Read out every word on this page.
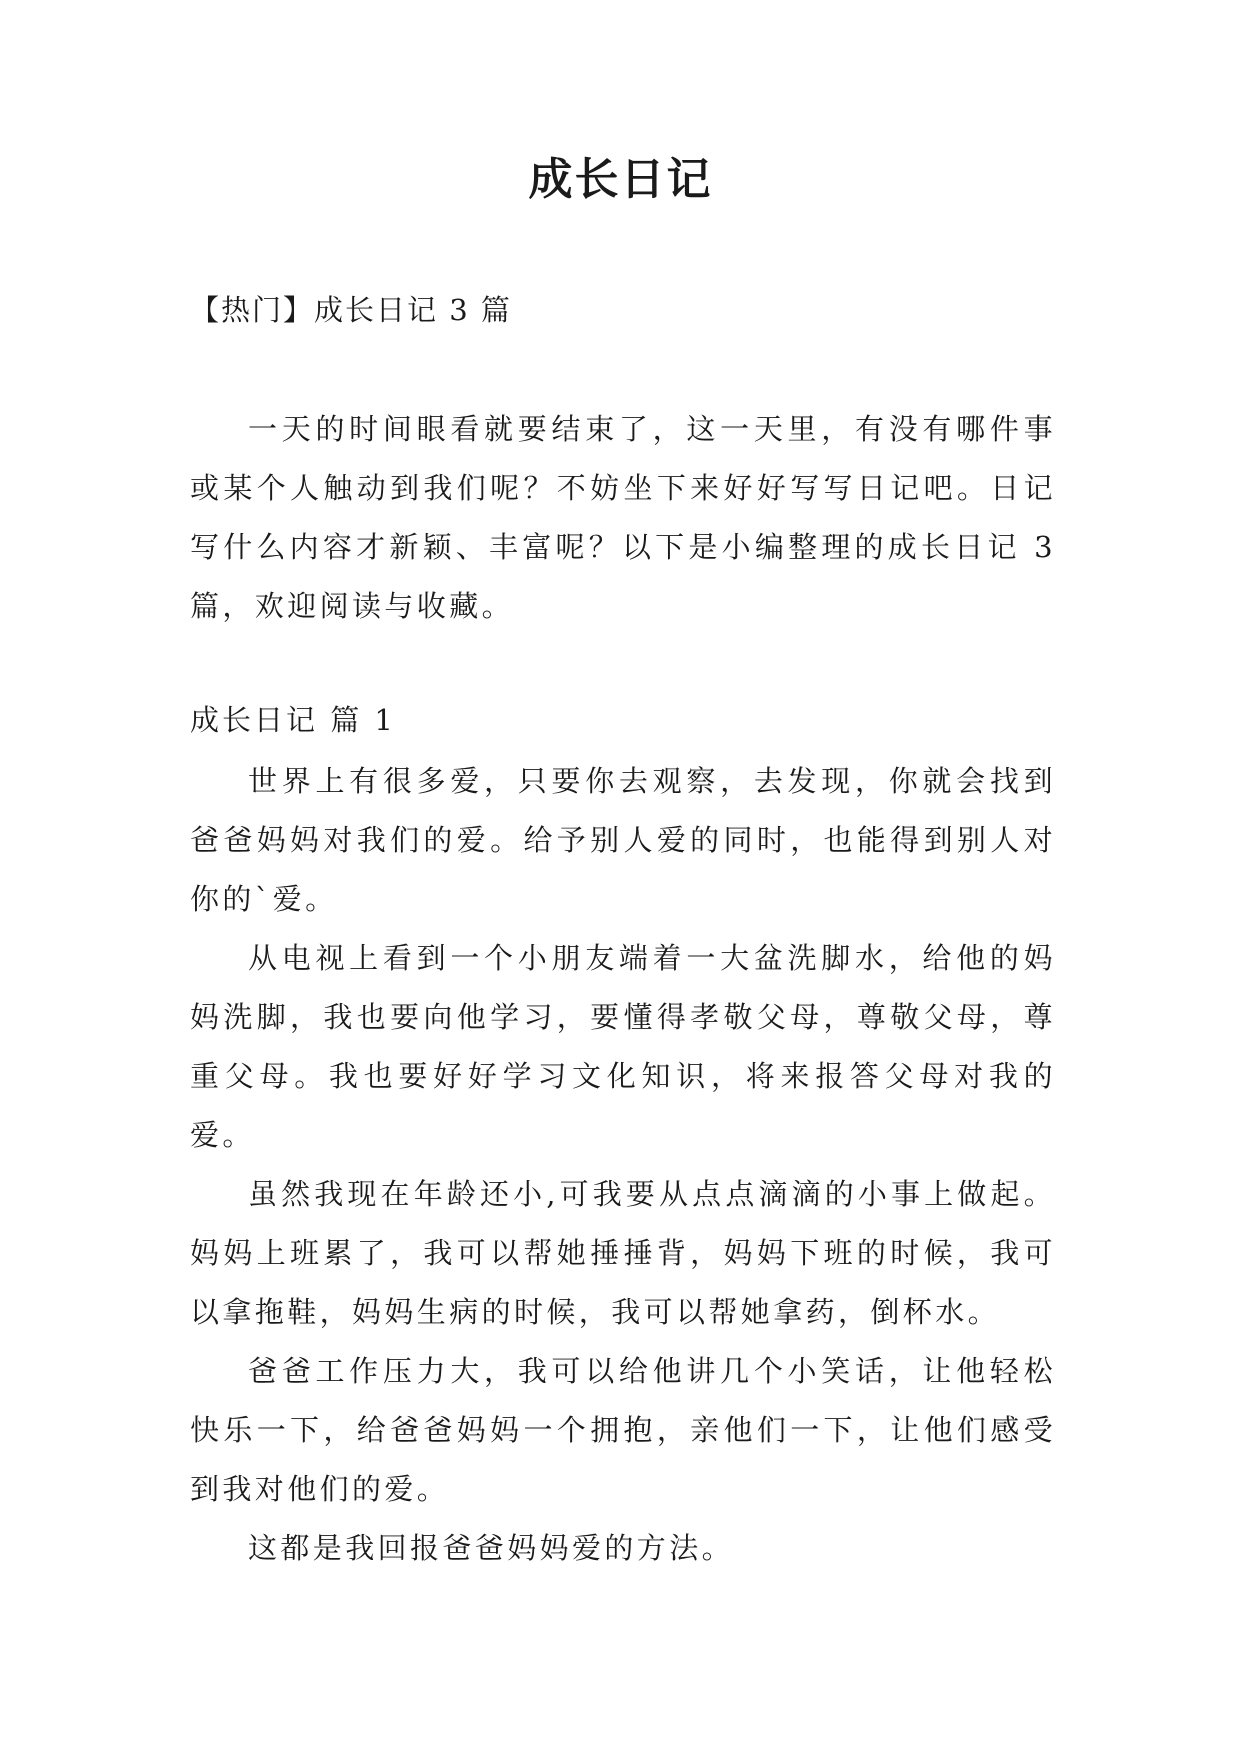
成长日记
【热门】成长日记 3 篇

一天的时间眼看就要结束了，这一天里，有没有哪件事或某个人触动到我们呢？不妨坐下来好好写写日记吧。日记写什么内容才新颖、丰富呢？以下是小编整理的成长日记 3 篇，欢迎阅读与收藏。

成长日记 篇 1

世界上有很多爱，只要你去观察，去发现，你就会找到爸爸妈妈对我们的爱。给予别人爱的同时，也能得到别人对你的`爱。

从电视上看到一个小朋友端着一大盆洗脚水，给他的妈妈洗脚，我也要向他学习，要懂得孝敬父母，尊敬父母，尊重父母。我也要好好学习文化知识，将来报答父母对我的爱。

虽然我现在年龄还小,可我要从点点滴滴的小事上做起。妈妈上班累了，我可以帮她捶捶背，妈妈下班的时候，我可以拿拖鞋，妈妈生病的时候，我可以帮她拿药，倒杯水。

爸爸工作压力大，我可以给他讲几个小笑话，让他轻松快乐一下，给爸爸妈妈一个拥抱，亲他们一下，让他们感受到我对他们的爱。

这都是我回报爸爸妈妈爱的方法。
